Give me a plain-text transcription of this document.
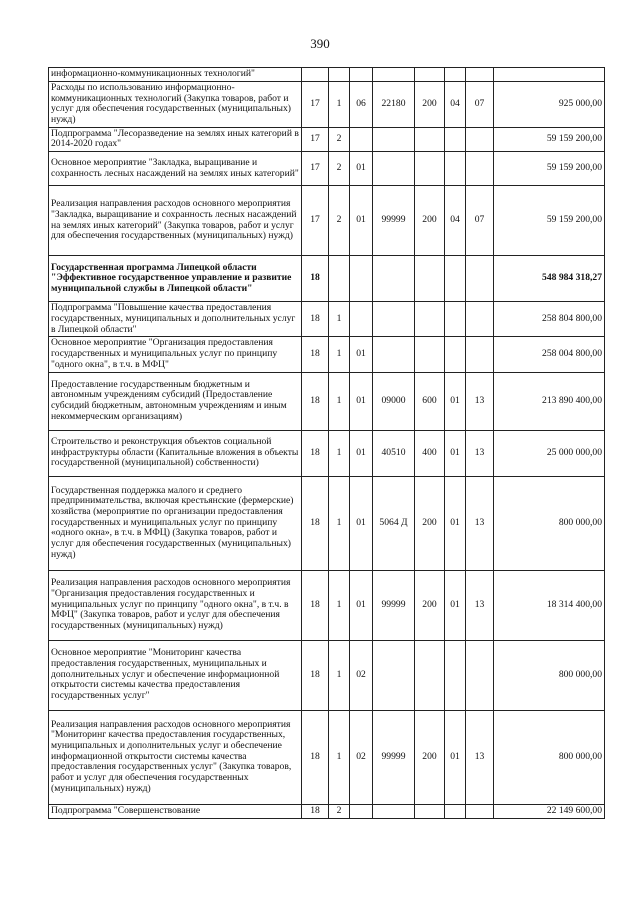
390
информационно-коммуникационных технологий"								
Расходы по использованию информационно-коммуникационных технологий (Закупка товаров, работ и услуг для обеспечения государственных (муниципальных) нужд)	17	1	06	22180	200	04	07	925 000,00
Подпрограмма "Лесоразведение на землях иных категорий в 2014-2020 годах"	17	2						59 159 200,00
Основное мероприятие "Закладка, выращивание и сохранность лесных насаждений на землях иных категорий"	17	2	01					59 159 200,00
Реализация направления расходов основного мероприятия "Закладка, выращивание и сохранность лесных насаждений на землях иных категорий" (Закупка товаров, работ и услуг для обеспечения государственных (муниципальных) нужд)	17	2	01	99999	200	04	07	59 159 200,00
Государственная программа Липецкой области "Эффективное государственное управление и развитие муниципальной службы в Липецкой области"	18							548 984 318,27
Подпрограмма "Повышение качества предоставления государственных, муниципальных и дополнительных услуг в Липецкой области"	18	1						258 804 800,00
Основное мероприятие "Организация предоставления государственных и муниципальных услуг по принципу "одного окна", в т.ч. в МФЦ"	18	1	01					258 004 800,00
Предоставление государственным бюджетным и автономным учреждениям субсидий (Предоставление субсидий бюджетным, автономным учреждениям и иным некоммерческим организациям)	18	1	01	09000	600	01	13	213 890 400,00
Строительство и реконструкция объектов социальной инфраструктуры области (Капитальные вложения в объекты государственной (муниципальной) собственности)	18	1	01	40510	400	01	13	25 000 000,00
Государственная поддержка малого и среднего предпринимательства, включая крестьянские (фермерские) хозяйства (мероприятие по организации предоставления государственных и муниципальных услуг по принципу «одного окна», в т.ч. в МФЦ) (Закупка товаров, работ и услуг для обеспечения государственных (муниципальных) нужд)	18	1	01	5064 Д	200	01	13	800 000,00
Реализация направления расходов основного мероприятия "Организация предоставления государственных и муниципальных услуг по принципу "одного окна", в т.ч. в МФЦ" (Закупка товаров, работ и услуг для обеспечения государственных (муниципальных) нужд)	18	1	01	99999	200	01	13	18 314 400,00
Основное мероприятие "Мониторинг качества предоставления государственных, муниципальных и дополнительных услуг и обеспечение информационной открытости системы качества предоставления государственных услуг"	18	1	02					800 000,00
Реализация направления расходов основного мероприятия "Мониторинг качества предоставления государственных, муниципальных и дополнительных услуг и обеспечение информационной открытости системы качества предоставления государственных услуг" (Закупка товаров, работ и услуг для обеспечения государственных (муниципальных) нужд)	18	1	02	99999	200	01	13	800 000,00
Подпрограмма "Совершенствование	18	2						22 149 600,00
